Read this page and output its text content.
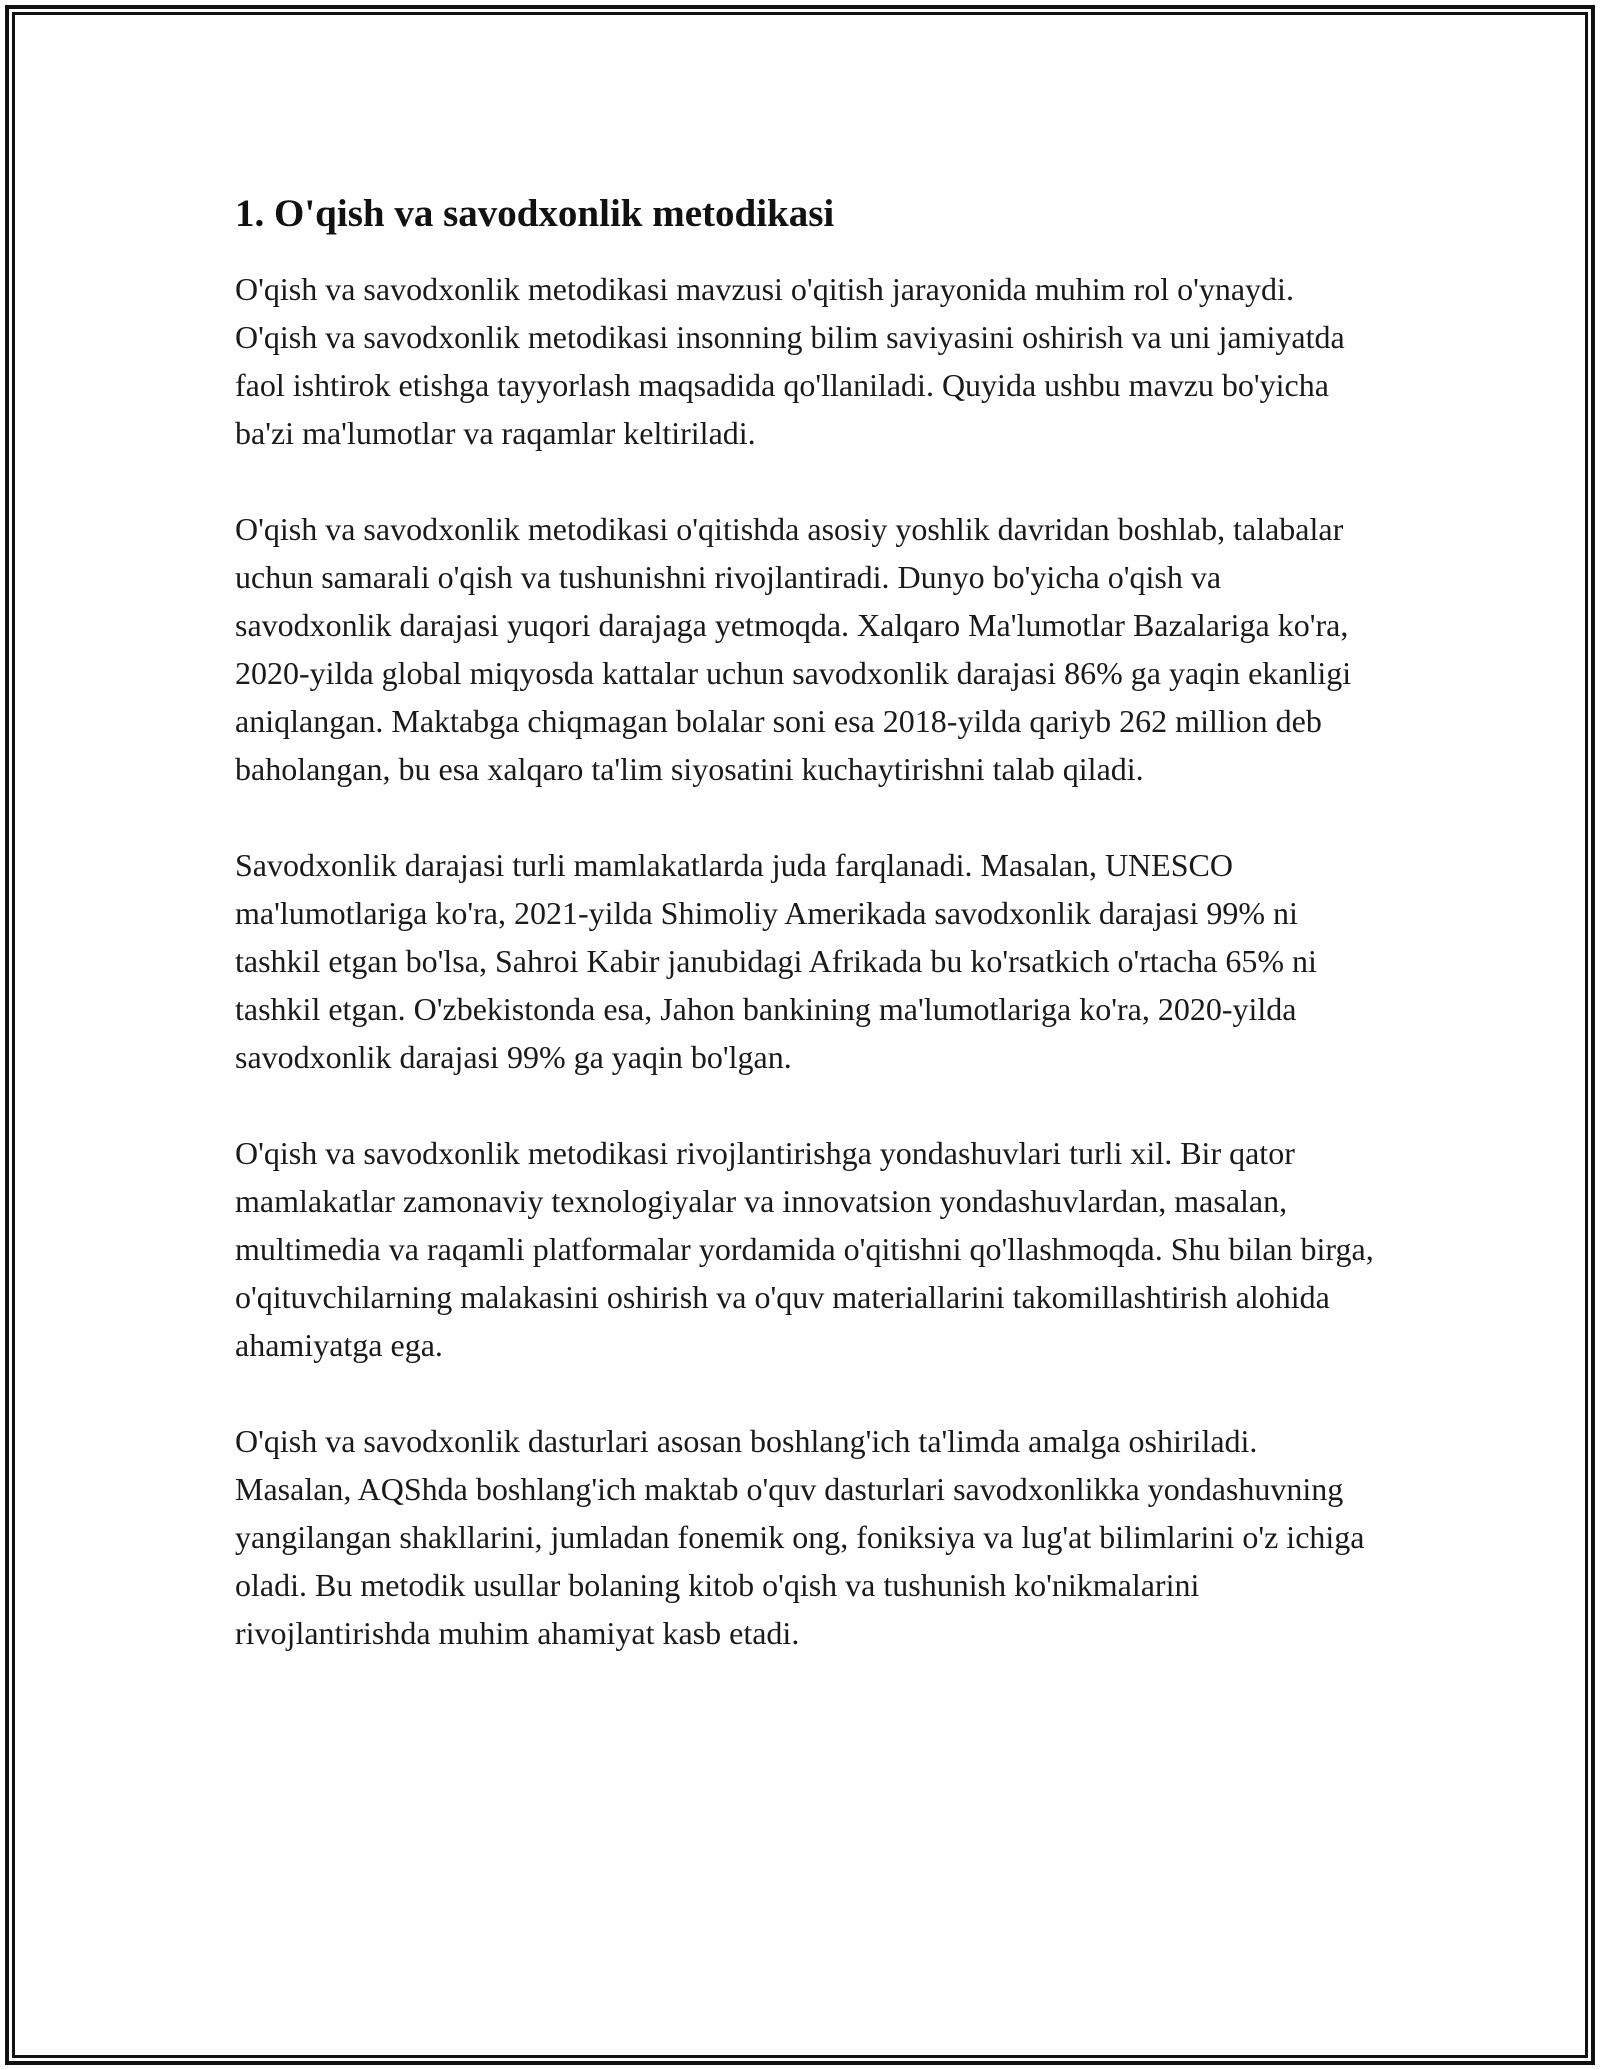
1. O'qish va savodxonlik metodikasi

O'qish va savodxonlik metodikasi mavzusi o'qitish jarayonida muhim rol o'ynaydi. O'qish va savodxonlik metodikasi insonning bilim saviyasini oshirish va uni jamiyatda faol ishtirok etishga tayyorlash maqsadida qo'llaniladi. Quyida ushbu mavzu bo'yicha ba'zi ma'lumotlar va raqamlar keltiriladi.

O'qish va savodxonlik metodikasi o'qitishda asosiy yoshlik davridan boshlab, talabalar uchun samarali o'qish va tushunishni rivojlantiradi. Dunyo bo'yicha o'qish va savodxonlik darajasi yuqori darajaga yetmoqda. Xalqaro Ma'lumotlar Bazalariga ko'ra, 2020-yilda global miqyosda kattalar uchun savodxonlik darajasi 86% ga yaqin ekanligi aniqlangan. Maktabga chiqmagan bolalar soni esa 2018-yilda qariyb 262 million deb baholangan, bu esa xalqaro ta'lim siyosatini kuchaytirishni talab qiladi.

Savodxonlik darajasi turli mamlakatlarda juda farqlanadi. Masalan, UNESCO ma'lumotlariga ko'ra, 2021-yilda Shimoliy Amerikada savodxonlik darajasi 99% ni tashkil etgan bo'lsa, Sahroi Kabir janubidagi Afrikada bu ko'rsatkich o'rtacha 65% ni tashkil etgan. O'zbekistonda esa, Jahon bankining ma'lumotlariga ko'ra, 2020-yilda savodxonlik darajasi 99% ga yaqin bo'lgan.

O'qish va savodxonlik metodikasi rivojlantirishga yondashuvlari turli xil. Bir qator mamlakatlar zamonaviy texnologiyalar va innovatsion yondashuvlardan, masalan, multimedia va raqamli platformalar yordamida o'qitishni qo'llashmoqda. Shu bilan birga, o'qituvchilarning malakasini oshirish va o'quv materiallarini takomillashtirish alohida ahamiyatga ega.

O'qish va savodxonlik dasturlari asosan boshlang'ich ta'limda amalga oshiriladi. Masalan, AQShda boshlang'ich maktab o'quv dasturlari savodxonlikka yondashuvning yangilangan shakllarini, jumladan fonemik ong, foniksiya va lug'at bilimlarini o'z ichiga oladi. Bu metodik usullar bolaning kitob o'qish va tushunish ko'nikmalarini rivojlantirishda muhim ahamiyat kasb etadi.
